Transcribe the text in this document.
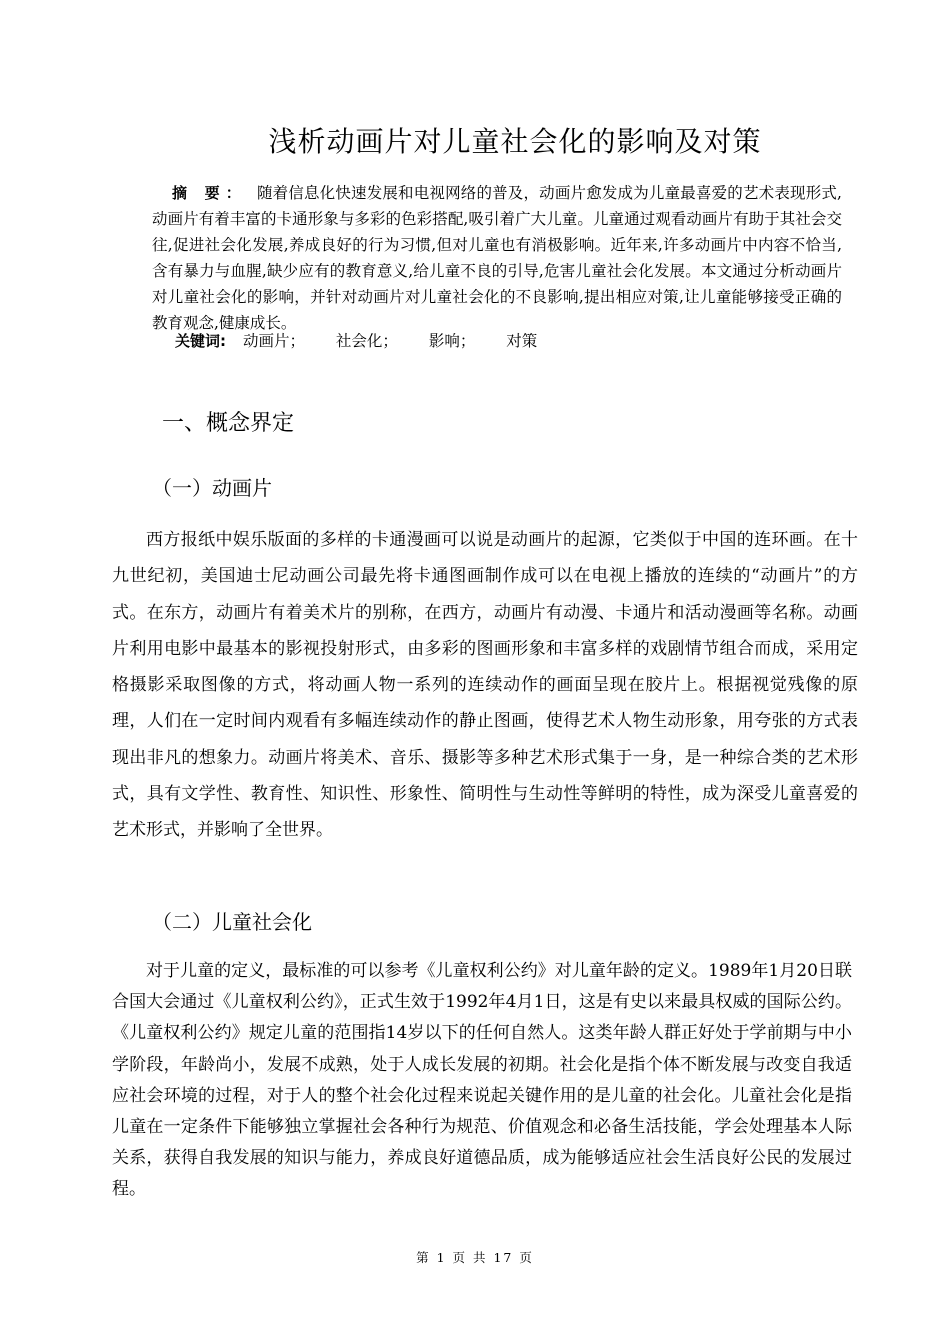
浅析动画片对儿童社会化的影响及对策
摘 要： 随着信息化快速发展和电视网络的普及，动画片愈发成为儿童最喜爱的艺术表现形式,动画片有着丰富的卡通形象与多彩的色彩搭配,吸引着广大儿童。儿童通过观看动画片有助于其社会交往,促进社会化发展,养成良好的行为习惯,但对儿童也有消极影响。近年来,许多动画片中内容不恰当,含有暴力与血腥,缺少应有的教育意义,给儿童不良的引导,危害儿童社会化发展。本文通过分析动画片对儿童社会化的影响，并针对动画片对儿童社会化的不良影响,提出相应对策,让儿童能够接受正确的教育观念,健康成长。
关键词: 动画片； 社会化； 影响； 对策
一、概念界定
（一）动画片
西方报纸中娱乐版面的多样的卡通漫画可以说是动画片的起源，它类似于中国的连环画。在十九世纪初，美国迪士尼动画公司最先将卡通图画制作成可以在电视上播放的连续的“动画片”的方式。在东方，动画片有着美术片的别称，在西方，动画片有动漫、卡通片和活动漫画等名称。动画片利用电影中最基本的影视投射形式，由多彩的图画形象和丰富多样的戏剧情节组合而成，采用定格摄影采取图像的方式，将动画人物一系列的连续动作的画面呈现在胶片上。根据视觉残像的原理，人们在一定时间内观看有多幅连续动作的静止图画，使得艺术人物生动形象，用夸张的方式表现出非凡的想象力。动画片将美术、音乐、摄影等多种艺术形式集于一身，是一种综合类的艺术形式，具有文学性、教育性、知识性、形象性、简明性与生动性等鲜明的特性，成为深受儿童喜爱的艺术形式，并影响了全世界。
（二）儿童社会化
对于儿童的定义，最标准的可以参考《儿童权利公约》对儿童年龄的定义。1989年1月20日联合国大会通过《儿童权利公约》，正式生效于1992年4月1日，这是有史以来最具权威的国际公约。《儿童权利公约》规定儿童的范围指14岁以下的任何自然人。这类年龄人群正好处于学前期与中小学阶段，年龄尚小，发展不成熟，处于人成长发展的初期。社会化是指个体不断发展与改变自我适应社会环境的过程，对于人的整个社会化过程来说起关键作用的是儿童的社会化。儿童社会化是指儿童在一定条件下能够独立掌握社会各种行为规范、价值观念和必备生活技能，学会处理基本人际关系，获得自我发展的知识与能力，养成良好道德品质，成为能够适应社会生活良好公民的发展过程。
第 1 页 共 17 页
